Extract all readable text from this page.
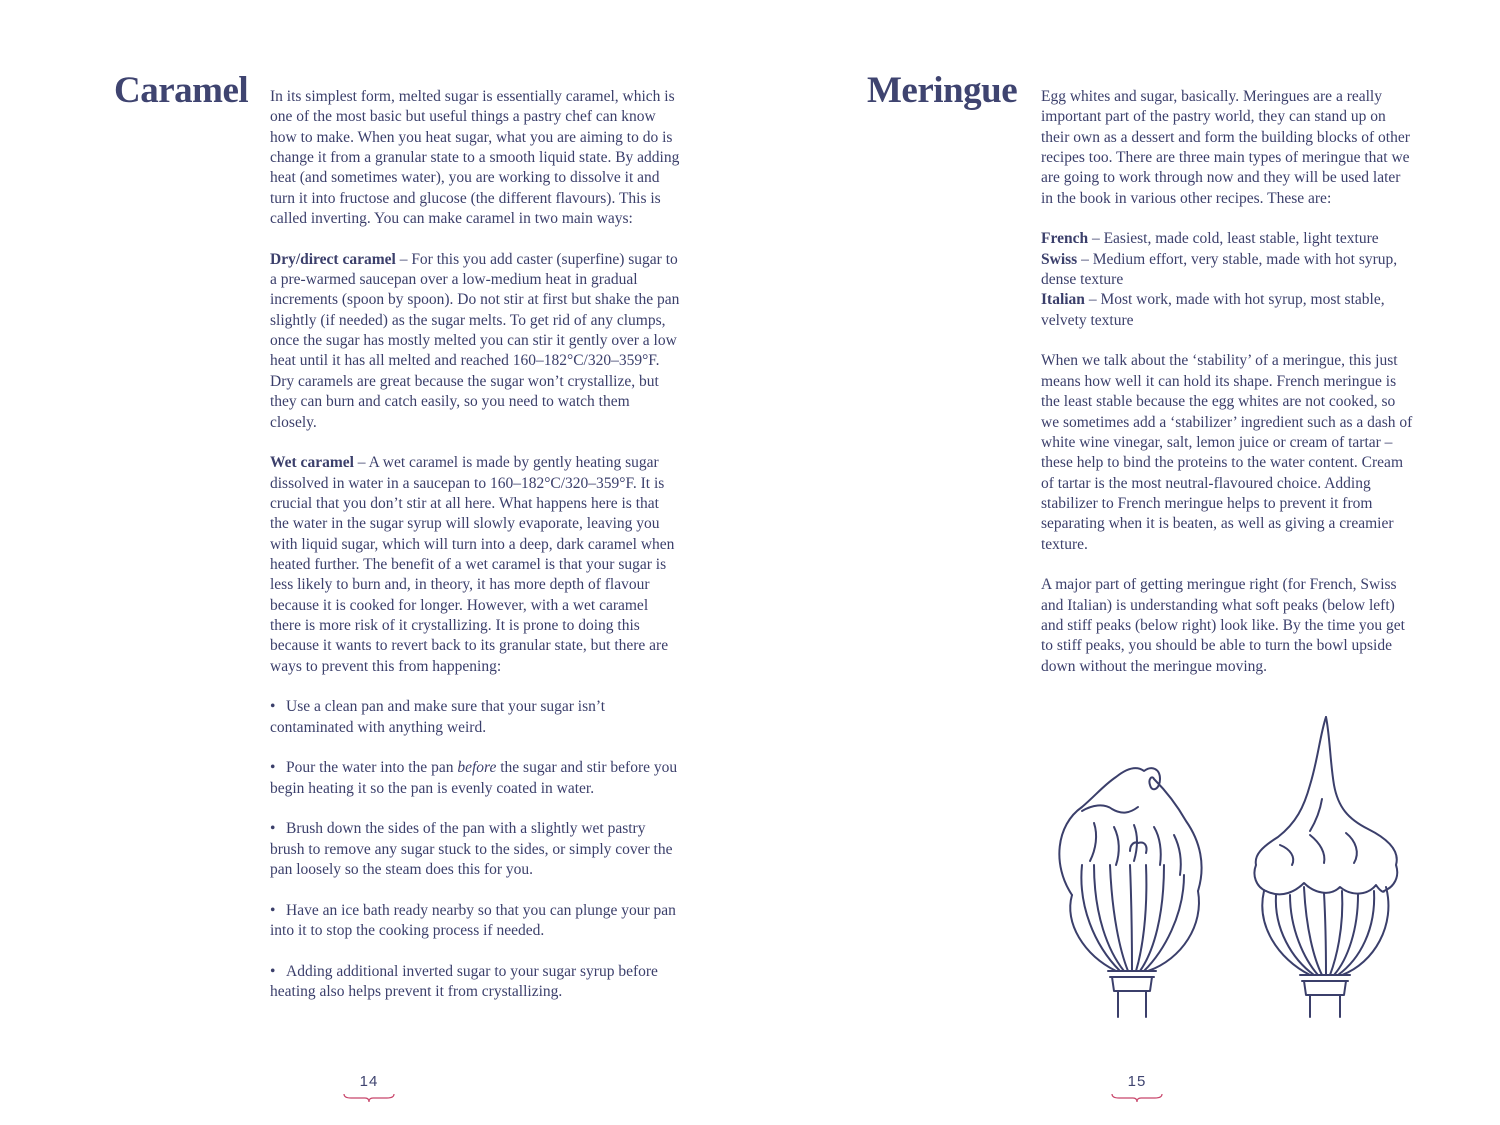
Caramel In its simplest form, melted sugar is essentially caramel, which is one of the most basic but useful things a pastry chef can know how to make. When you heat sugar, what you are aiming to do is change it from a granular state to a smooth liquid state. By adding heat (and sometimes water), you are working to dissolve it and turn it into fructose and glucose (the different flavours). This is called inverting. You can make caramel in two main ways:

Dry/direct caramel – For this you add caster (superfine) sugar to a pre-warmed saucepan over a low-medium heat in gradual increments (spoon by spoon). Do not stir at first but shake the pan slightly (if needed) as the sugar melts. To get rid of any clumps, once the sugar has mostly melted you can stir it gently over a low heat until it has all melted and reached 160–182°C/320–359°F. Dry caramels are great because the sugar won’t crystallize, but they can burn and catch easily, so you need to watch them closely.

Wet caramel – A wet caramel is made by gently heating sugar dissolved in water in a saucepan to 160–182°C/320–359°F. It is crucial that you don’t stir at all here. What happens here is that the water in the sugar syrup will slowly evaporate, leaving you with liquid sugar, which will turn into a deep, dark caramel when heated further. The benefit of a wet caramel is that your sugar is less likely to burn and, in theory, it has more depth of flavour because it is cooked for longer. However, with a wet caramel there is more risk of it crystallizing. It is prone to doing this because it wants to revert back to its granular state, but there are ways to prevent this from happening:

• Use a clean pan and make sure that your sugar isn’t contaminated with anything weird.

• Pour the water into the pan before the sugar and stir before you begin heating it so the pan is evenly coated in water.

• Brush down the sides of the pan with a slightly wet pastry brush to remove any sugar stuck to the sides, or simply cover the pan loosely so the steam does this for you.

• Have an ice bath ready nearby so that you can plunge your pan into it to stop the cooking process if needed.

• Adding additional inverted sugar to your sugar syrup before heating also helps prevent it from crystallizing.

14
Meringue Egg whites and sugar, basically. Meringues are a really important part of the pastry world, they can stand up on their own as a dessert and form the building blocks of other recipes too. There are three main types of meringue that we are going to work through now and they will be used later in the book in various other recipes. These are:

French – Easiest, made cold, least stable, light texture
Swiss – Medium effort, very stable, made with hot syrup, dense texture
Italian – Most work, made with hot syrup, most stable, velvety texture

When we talk about the ‘stability’ of a meringue, this just means how well it can hold its shape. French meringue is the least stable because the egg whites are not cooked, so we sometimes add a ‘stabilizer’ ingredient such as a dash of white wine vinegar, salt, lemon juice or cream of tartar – these help to bind the proteins to the water content. Cream of tartar is the most neutral-flavoured choice. Adding stabilizer to French meringue helps to prevent it from separating when it is beaten, as well as giving a creamier texture.

A major part of getting meringue right (for French, Swiss and Italian) is understanding what soft peaks (below left) and stiff peaks (below right) look like. By the time you get to stiff peaks, you should be able to turn the bowl upside down without the meringue moving.

15
